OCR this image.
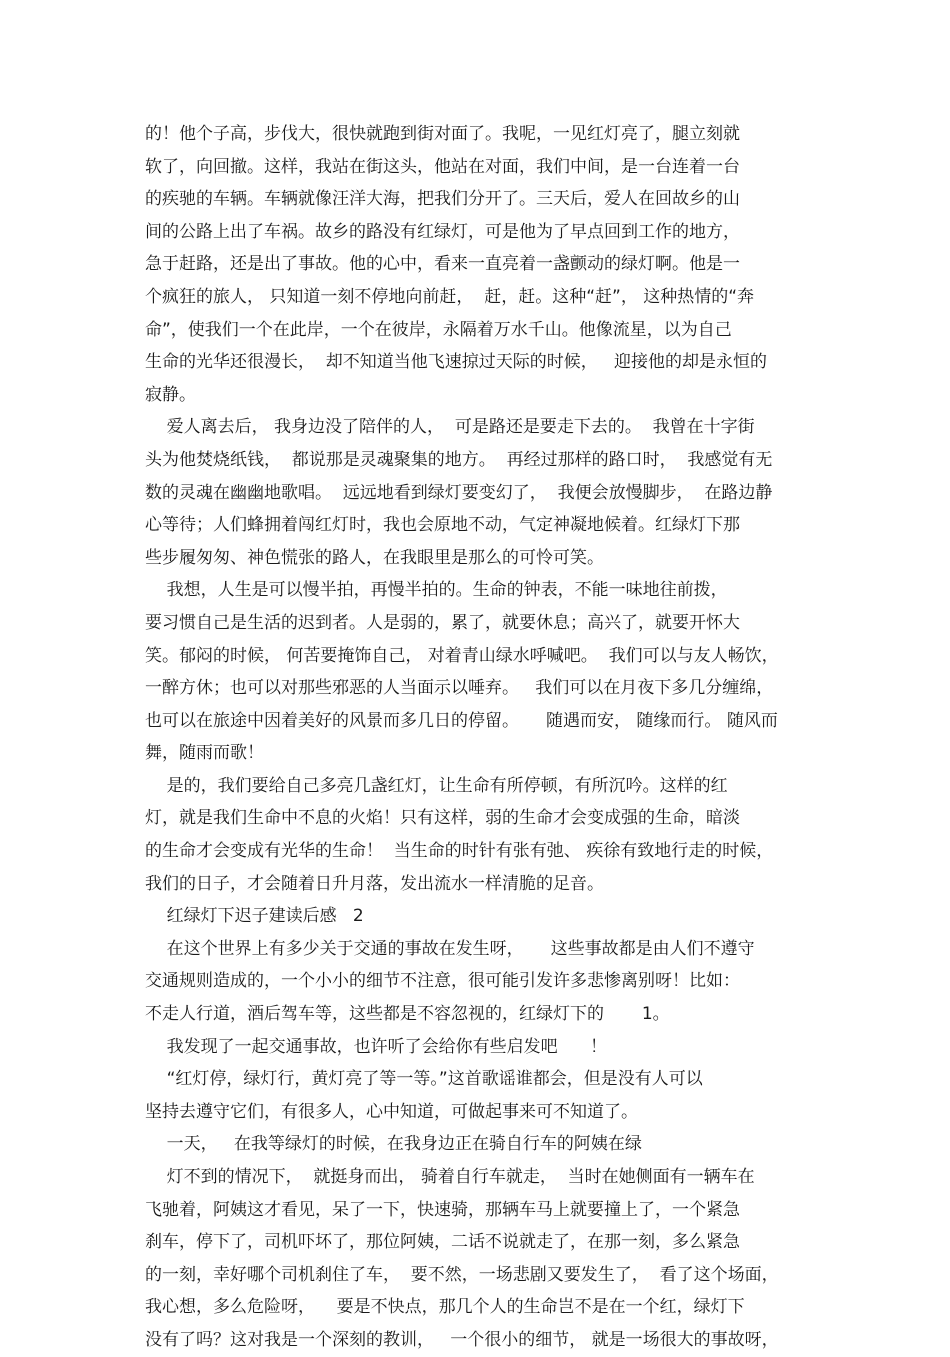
的！他个子高，步伐大，很快就跑到街对面了。我呢，一见红灯亮了，腿立刻就
软了，向回撤。这样，我站在街这头，他站在对面，我们中间，是一台连着一台
的疾驰的车辆。车辆就像汪洋大海，把我们分开了。三天后，爱人在回故乡的山
间的公路上出了车祸。故乡的路没有红绿灯，可是他为了早点回到工作的地方，
急于赶路，还是出了事故。他的心中，看来一直亮着一盏颤动的绿灯啊。他是一
个疯狂的旅人， 只知道一刻不停地向前赶，  赶，赶。这种“赶”， 这种热情的“奔
命”，使我们一个在此岸，一个在彼岸，永隔着万水千山。他像流星，以为自己
生命的光华还很漫长，  却不知道当他飞速掠过天际的时候，   迎接他的却是永恒的
寂静。
爱人离去后， 我身边没了陪伴的人，  可是路还是要走下去的。  我曾在十字街
头为他焚烧纸钱，  都说那是灵魂聚集的地方。  再经过那样的路口时，  我感觉有无
数的灵魂在幽幽地歌唱。  远远地看到绿灯要变幻了，  我便会放慢脚步，  在路边静
心等待；人们蜂拥着闯红灯时，我也会原地不动，气定神凝地候着。红绿灯下那
些步履匆匆、神色慌张的路人，在我眼里是那么的可怜可笑。
我想，人生是可以慢半拍，再慢半拍的。生命的钟表，不能一味地往前拨，
要习惯自己是生活的迟到者。人是弱的，累了，就要休息；高兴了，就要开怀大
笑。郁闷的时候， 何苦要掩饰自己， 对着青山绿水呼喊吧。  我们可以与友人畅饮，
一醉方休；也可以对那些邪恶的人当面示以唾弃。   我们可以在月夜下多几分缠绵，
也可以在旅途中因着美好的风景而多几日的停留。     随遇而安， 随缘而行。 随风而
舞，随雨而歌！
是的，我们要给自己多亮几盏红灯，让生命有所停顿，有所沉吟。这样的红
灯，就是我们生命中不息的火焰！只有这样，弱的生命才会变成强的生命，暗淡
的生命才会变成有光华的生命！  当生命的时针有张有弛、 疾徐有致地行走的时候，
我们的日子，才会随着日升月落，发出流水一样清脆的足音。
红绿灯下迟子建读后感   2
在这个世界上有多少关于交通的事故在发生呀，     这些事故都是由人们不遵守
交通规则造成的，一个小小的细节不注意，很可能引发许多悲惨离别呀！比如：
不走人行道，酒后驾车等，这些都是不容忽视的，红绿灯下的       1。
我发现了一起交通事故，也许听了会给你有些启发吧      ！
“红灯停，绿灯行，黄灯亮了等一等。”这首歌谣谁都会，但是没有人可以
坚持去遵守它们，有很多人，心中知道，可做起事来可不知道了。
一天，   在我等绿灯的时候，在我身边正在骑自行车的阿姨在绿
灯不到的情况下，  就挺身而出， 骑着自行车就走，  当时在她侧面有一辆车在
飞驰着，阿姨这才看见，呆了一下，快速骑，那辆车马上就要撞上了，一个紧急
刹车，停下了，司机吓坏了，那位阿姨，二话不说就走了，在那一刻，多么紧急
的一刻，幸好哪个司机刹住了车，  要不然，一场悲剧又要发生了，  看了这个场面，
我心想，多么危险呀，    要是不快点，那几个人的生命岂不是在一个红，绿灯下
没有了吗？这对我是一个深刻的教训，   一个很小的细节， 就是一场很大的事故呀，
